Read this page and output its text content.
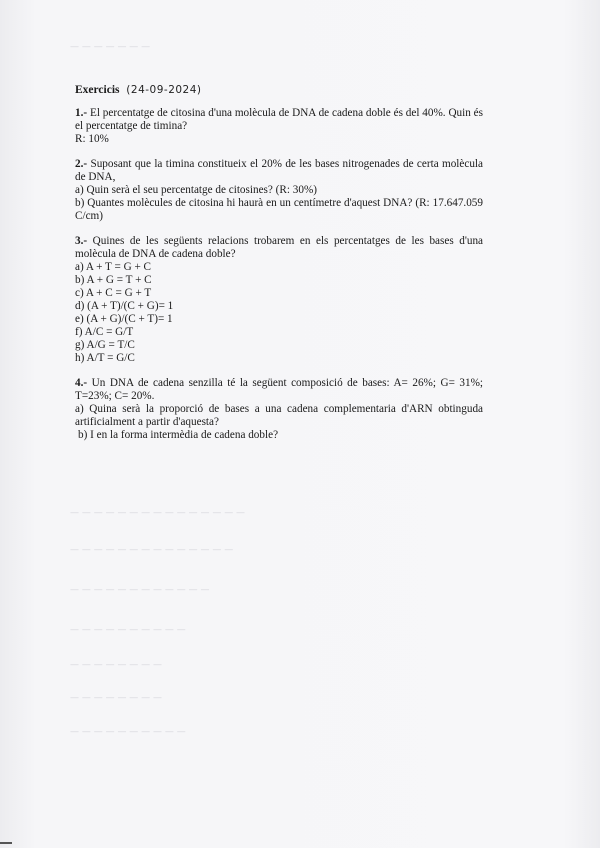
— — — — — — —
— — — — — — — — — — — — — — —
— — — — — — — — — — — — — —
— — — — — — — — — — — —
— — — — — — — — — —
— — — — — — — —
— — — — — — — —
— — — — — — — — — —
Exercicis (24-09-2024)

1.- El percentatge de citosina d'una molècula de DNA de cadena doble és del 40%. Quin és el percentatge de timina?

R: 10%

2.- Suposant que la timina constitueix el 20% de les bases nitrogenades de certa molècula de DNA,

a) Quin serà el seu percentatge de citosines? (R: 30%)

b) Quantes molècules de citosina hi haurà en un centímetre d'aquest DNA? (R: 17.647.059 C/cm)

3.- Quines de les següents relacions trobarem en els percentatges de les bases d'una molècula de DNA de cadena doble?

a) A + T = G + C
b) A + G = T + C
c) A + C = G + T
d) (A + T)/(C + G)= 1
e) (A + G)/(C + T)= 1
f) A/C = G/T
g) A/G = T/C
h) A/T = G/C

4.- Un DNA de cadena senzilla té la següent composició de bases: A= 26%; G= 31%; T=23%; C= 20%.

a) Quina serà la proporció de bases a una cadena complementaria d'ARN obtinguda artificialment a partir d'aquesta?

b) I en la forma intermèdia de cadena doble?
